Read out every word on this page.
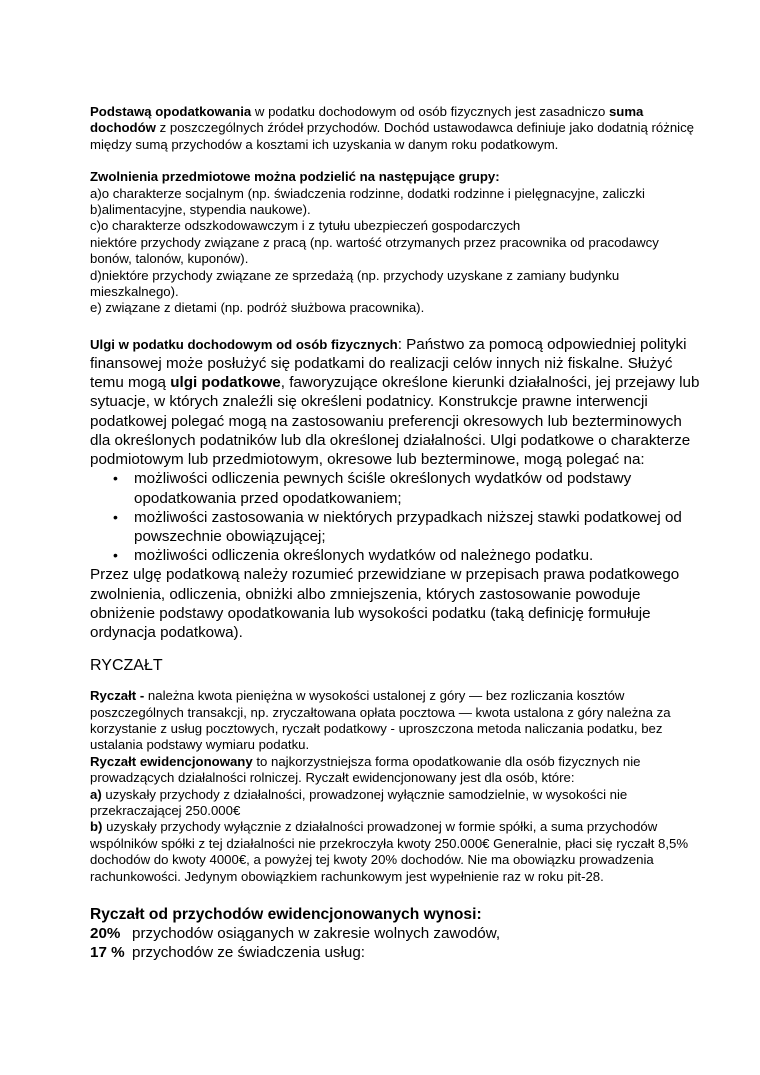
Podstawą opodatkowania w podatku dochodowym od osób fizycznych jest zasadniczo suma dochodów z poszczególnych źródeł przychodów. Dochód ustawodawca definiuje jako dodatnią różnicę między sumą przychodów a kosztami ich uzyskania w danym roku podatkowym.

Zwolnienia przedmiotowe można podzielić na następujące grupy:

a)o charakterze socjalnym (np. świadczenia rodzinne, dodatki rodzinne i pielęgnacyjne, zaliczki b)alimentacyjne, stypendia naukowe).

c)o charakterze odszkodowawczym i z tytułu ubezpieczeń gospodarczych

niektóre przychody związane z pracą (np. wartość otrzymanych przez pracownika od pracodawcy bonów, talonów, kuponów).

d)niektóre przychody związane ze sprzedażą (np. przychody uzyskane z zamiany budynku mieszkalnego).

e) związane z dietami (np. podróż służbowa pracownika).

Ulgi w podatku dochodowym od osób fizycznych: Państwo za pomocą odpowiedniej polityki finansowej może posłużyć się podatkami do realizacji celów innych niż fiskalne. Służyć temu mogą ulgi podatkowe, faworyzujące określone kierunki działalności, jej przejawy lub sytuacje, w których znaleźli się określeni podatnicy. Konstrukcje prawne interwencji podatkowej polegać mogą na zastosowaniu preferencji okresowych lub bezterminowych dla określonych podatników lub dla określonej działalności. Ulgi podatkowe o charakterze podmiotowym lub przedmiotowym, okresowe lub bezterminowe, mogą polegać na:

• możliwości odliczenia pewnych ściśle określonych wydatków od podstawy opodatkowania przed opodatkowaniem;
• możliwości zastosowania w niektórych przypadkach niższej stawki podatkowej od powszechnie obowiązującej;
• możliwości odliczenia określonych wydatków od należnego podatku.

Przez ulgę podatkową należy rozumieć przewidziane w przepisach prawa podatkowego zwolnienia, odliczenia, obniżki albo zmniejszenia, których zastosowanie powoduje obniżenie podstawy opodatkowania lub wysokości podatku (taką definicję formułuje ordynacja podatkowa).

RYCZAŁT

Ryczałt - należna kwota pieniężna w wysokości ustalonej z góry — bez rozliczania kosztów poszczególnych transakcji, np. zryczałtowana opłata pocztowa — kwota ustalona z góry należna za korzystanie z usług pocztowych, ryczałt podatkowy - uproszczona metoda naliczania podatku, bez ustalania podstawy wymiaru podatku.

Ryczałt ewidencjonowany to najkorzystniejsza forma opodatkowanie dla osób fizycznych nie prowadzących działalności rolniczej. Ryczałt ewidencjonowany jest dla osób, które:

a) uzyskały przychody z działalności, prowadzonej wyłącznie samodzielnie, w wysokości nie przekraczającej 250.000€

b) uzyskały przychody wyłącznie z działalności prowadzonej w formie spółki, a suma przychodów wspólników spółki z tej działalności nie przekroczyła kwoty 250.000€ Generalnie, płaci się ryczałt 8,5% dochodów do kwoty 4000€, a powyżej tej kwoty 20% dochodów. Nie ma obowiązku prowadzenia rachunkowości. Jedynym obowiązkiem rachunkowym jest wypełnienie raz w roku pit-28.

Ryczałt od przychodów ewidencjonowanych wynosi:

20% przychodów osiąganych w zakresie wolnych zawodów,
17 % przychodów ze świadczenia usług:
